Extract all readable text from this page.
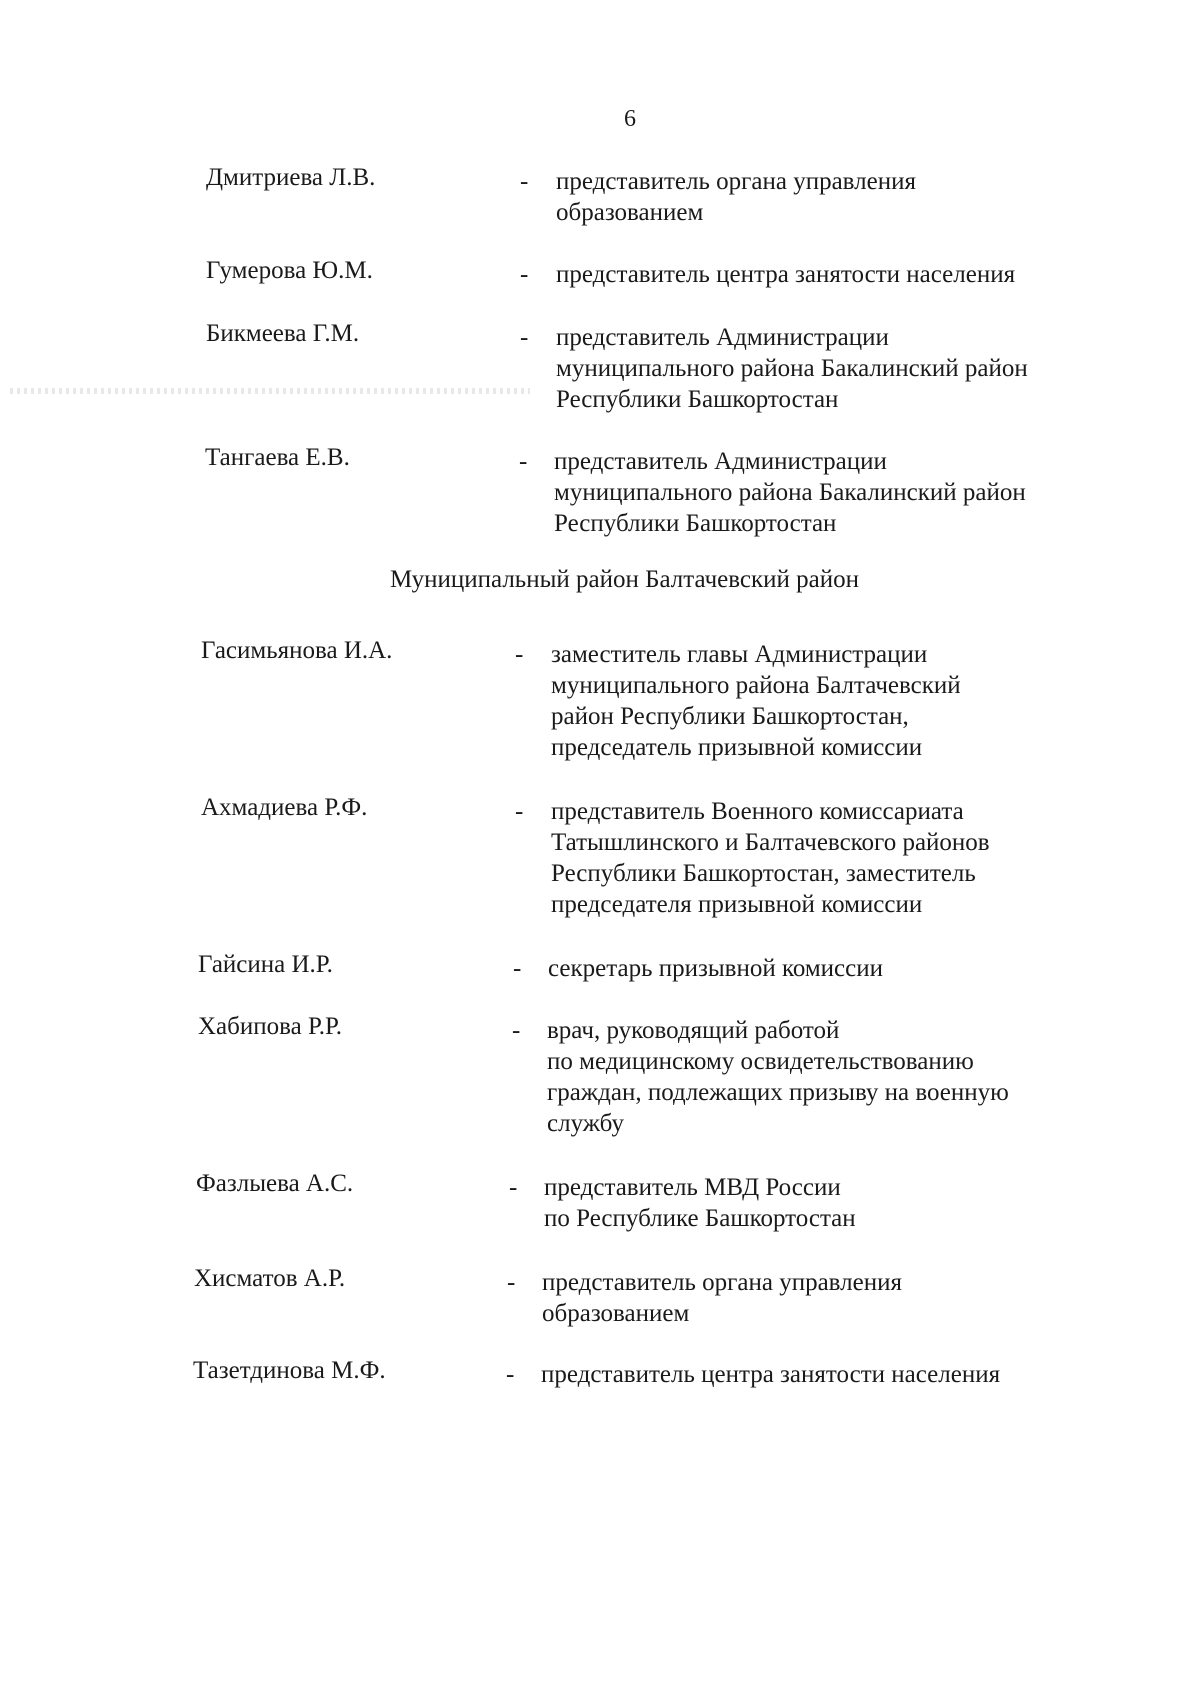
6
Дмитриева Л.В.	- представитель органа управления
образованием
Гумерова Ю.М.	- представитель центра занятости населения
Бикмеева Г.М.	- представитель Администрации
муниципального района Бакалинский район
Республики Башкортостан
Тангаева Е.В.	- представитель Администрации
муниципального района Бакалинский район
Республики Башкортостан
Муниципальный район Балтачевский район
Гасимьянова И.А.	- заместитель главы Администрации
муниципального района Балтачевский
район Республики Башкортостан,
председатель призывной комиссии
Ахмадиева Р.Ф.	- представитель Военного комиссариата
Татышлинского и Балтачевского районов
Республики Башкортостан, заместитель
председателя призывной комиссии
Гайсина И.Р.	- секретарь призывной комиссии
Хабипова Р.Р.	- врач, руководящий работой
по медицинскому освидетельствованию
граждан, подлежащих призыву на военную
службу
Фазлыева А.С.	- представитель МВД России
по Республике Башкортостан
Хисматов А.Р.	- представитель органа управления
образованием
Тазетдинова М.Ф.	- представитель центра занятости населения
